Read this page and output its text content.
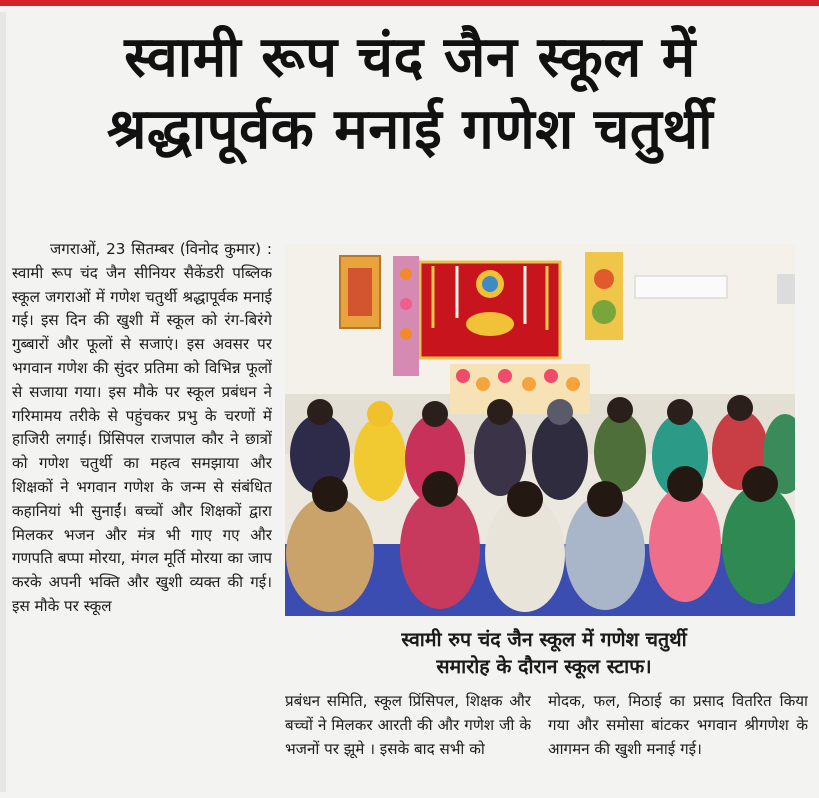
स्वामी रूप चंद जैन स्कूल में
श्रद्धापूर्वक मनाई गणेश चतुर्थी

जगराओं, 23 सितम्बर (विनोद कुमार) : स्वामी रूप चंद जैन सीनियर सैकेंडरी पब्लिक स्कूल जगराओं में गणेश चतुर्थी श्रद्धापूर्वक मनाई गई। इस दिन की खुशी में स्कूल को रंग-बिरंगे गुब्बारों और फूलों से सजाएं। इस अवसर पर भगवान गणेश की सुंदर प्रतिमा को विभिन्न फूलों से सजाया गया। इस मौके पर स्कूल प्रबंधन ने गरिमामय तरीके से पहुंचकर प्रभु के चरणों में हाजिरी लगाई। प्रिंसिपल राजपाल कौर ने छात्रों को गणेश चतुर्थी का महत्व समझाया और शिक्षकों ने भगवान गणेश के जन्म से संबंधित कहानियां भी सुनाईं। बच्चों और शिक्षकों द्वारा मिलकर भजन और मंत्र भी गाए गए और गणपति बप्पा मोरया, मंगल मूर्ति मोरया का जाप करके अपनी भक्ति और खुशी व्यक्त की गई। इस मौके पर स्कूल

स्वामी रुप चंद जैन स्कूल में गणेश चतुर्थी
समारोह के दौरान स्कूल स्टाफ।

प्रबंधन समिति, स्कूल प्रिंसिपल, शिक्षक और बच्चों ने मिलकर आरती की और गणेश जी के भजनों पर झूमे । इसके बाद सभी को

मोदक, फल, मिठाई का प्रसाद वितरित किया गया और समोसा बांटकर भगवान श्रीगणेश के आगमन की खुशी मनाई गई।
